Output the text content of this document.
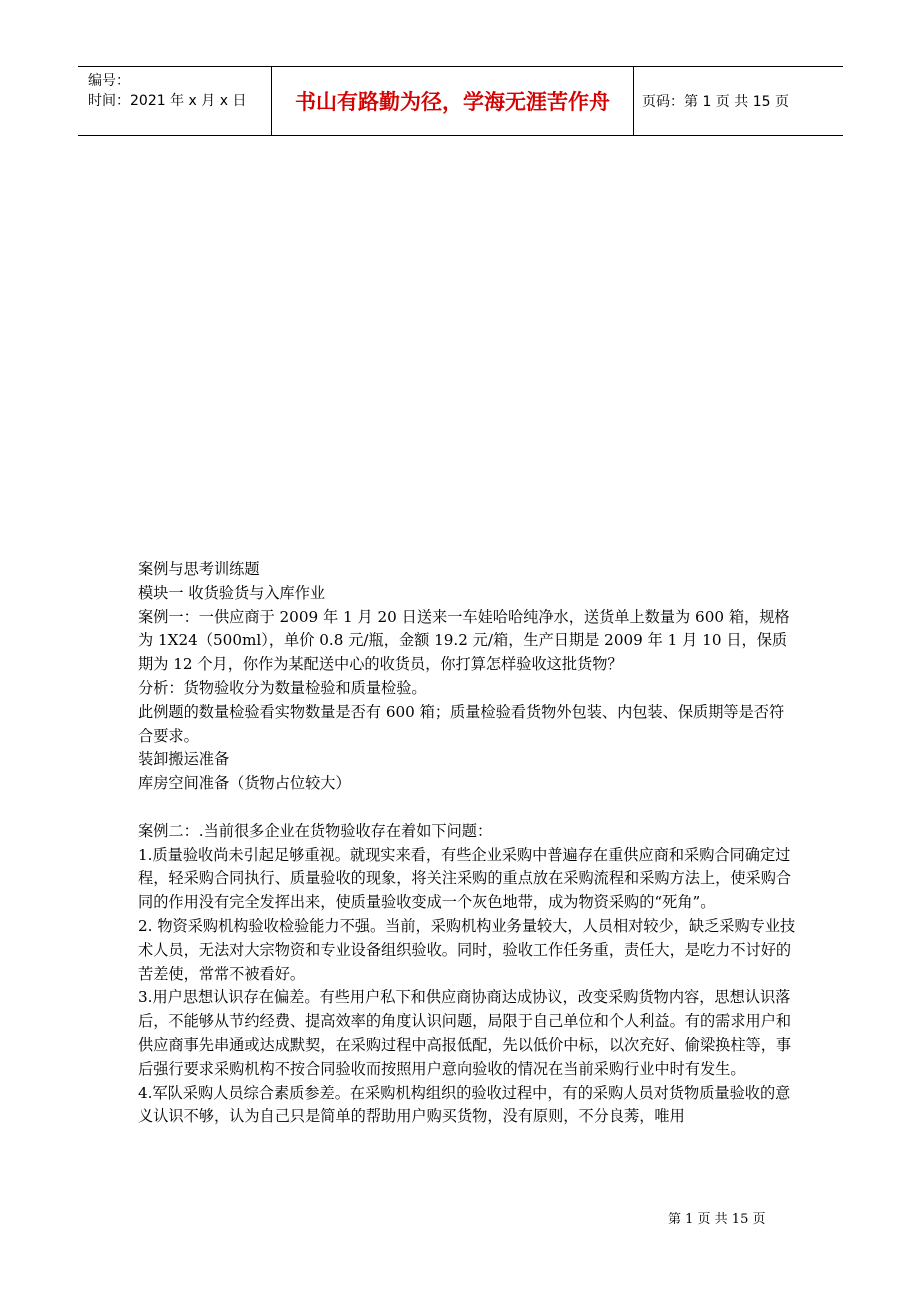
编号：
时间：2021 年 x 月 x 日	书山有路勤为径，学海无涯苦作舟	页码：第 1 页 共 15 页

案例与思考训练题

模块一 收货验货与入库作业

案例一：一供应商于 2009 年 1 月 20 日送来一车娃哈哈纯净水，送货单上数量为 600 箱，规格为 1X24（500ml），单价 0.8 元/瓶，金额 19.2 元/箱，生产日期是 2009 年 1 月 10 日，保质期为 12 个月，你作为某配送中心的收货员，你打算怎样验收这批货物？

分析：货物验收分为数量检验和质量检验。

此例题的数量检验看实物数量是否有 600 箱；质量检验看货物外包装、内包装、保质期等是否符合要求。

装卸搬运准备

库房空间准备（货物占位较大）

案例二：.当前很多企业在货物验收存在着如下问题：

1.质量验收尚未引起足够重视。就现实来看，有些企业采购中普遍存在重供应商和采购合同确定过程，轻采购合同执行、质量验收的现象，将关注采购的重点放在采购流程和采购方法上，使采购合同的作用没有完全发挥出来，使质量验收变成一个灰色地带，成为物资采购的“死角”。

2. 物资采购机构验收检验能力不强。当前，采购机构业务量较大，人员相对较少，缺乏采购专业技术人员，无法对大宗物资和专业设备组织验收。同时，验收工作任务重，责任大，是吃力不讨好的苦差使，常常不被看好。

3.用户思想认识存在偏差。有些用户私下和供应商协商达成协议，改变采购货物内容，思想认识落后，不能够从节约经费、提高效率的角度认识问题，局限于自己单位和个人利益。有的需求用户和供应商事先串通或达成默契，在采购过程中高报低配，先以低价中标，以次充好、偷梁换柱等，事后强行要求采购机构不按合同验收而按照用户意向验收的情况在当前采购行业中时有发生。

4.军队采购人员综合素质参差。在采购机构组织的验收过程中，有的采购人员对货物质量验收的意义认识不够，认为自己只是简单的帮助用户购买货物，没有原则，不分良莠，唯用

第 1 页 共 15 页
